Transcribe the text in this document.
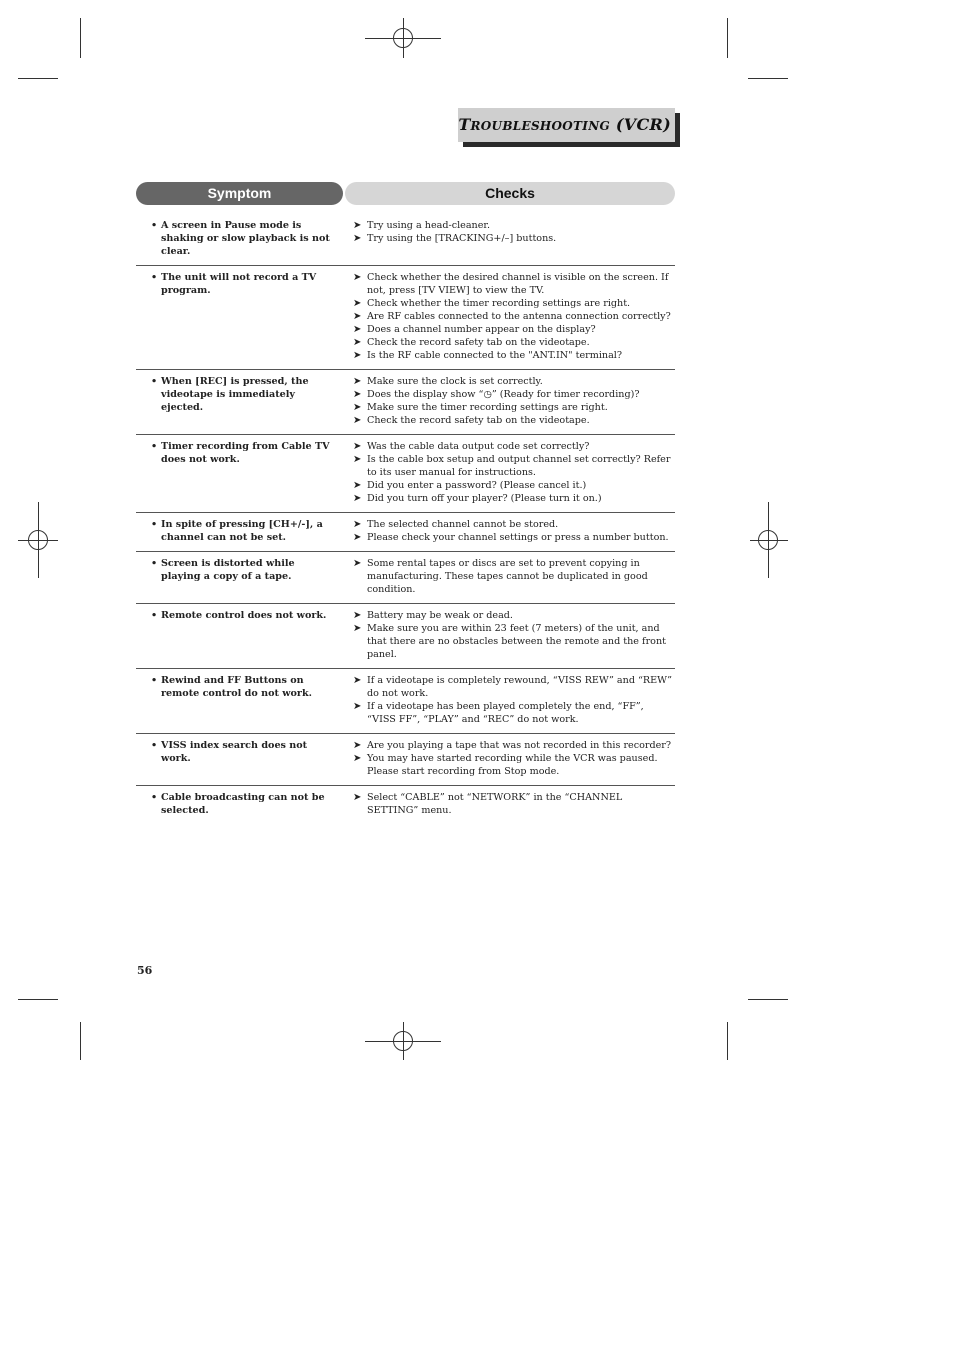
TROUBLESHOOTING (VCR)
Symptom	Checks
• A screen in Pause mode is shaking or slow playback is not clear.
➤ Try using a head-cleaner.
➤ Try using the [TRACKING+/–] buttons.
• The unit will not record a TV program.
➤ Check whether the desired channel is visible on the screen. If not, press [TV VIEW] to view the TV.
➤ Check whether the timer recording settings are right.
➤ Are RF cables connected to the antenna connection correctly?
➤ Does a channel number appear on the display?
➤ Check the record safety tab on the videotape.
➤ Is the RF cable connected to the "ANT.IN" terminal?
• When [REC] is pressed, the videotape is immediately ejected.
➤ Make sure the clock is set correctly.
➤ Does the display show “◷” (Ready for timer recording)?
➤ Make sure the timer recording settings are right.
➤ Check the record safety tab on the videotape.
• Timer recording from Cable TV does not work.
➤ Was the cable data output code set correctly?
➤ Is the cable box setup and output channel set correctly? Refer to its user manual for instructions.
➤ Did you enter a password? (Please cancel it.)
➤ Did you turn off your player? (Please turn it on.)
• In spite of pressing [CH+/-], a channel can not be set.
➤ The selected channel cannot be stored.
➤ Please check your channel settings or press a number button.
• Screen is distorted while playing a copy of a tape.
➤ Some rental tapes or discs are set to prevent copying in manufacturing. These tapes cannot be duplicated in good condition.
• Remote control does not work.	➤ Battery may be weak or dead.
➤ Make sure you are within 23 feet (7 meters) of the unit, and that there are no obstacles between the remote and the front panel.
• Rewind and FF Buttons on remote control do not work.
➤ If a videotape is completely rewound, “VISS REW” and “REW” do not work.
➤ If a videotape has been played completely the end, “FF”, “VISS FF”, “PLAY” and “REC” do not work.
• VISS index search does not work.
➤ Are you playing a tape that was not recorded in this recorder?
➤ You may have started recording while the VCR was paused. Please start recording from Stop mode.
• Cable broadcasting can not be selected.
➤ Select “CABLE” not “NETWORK” in the “CHANNEL SETTING” menu.
56
